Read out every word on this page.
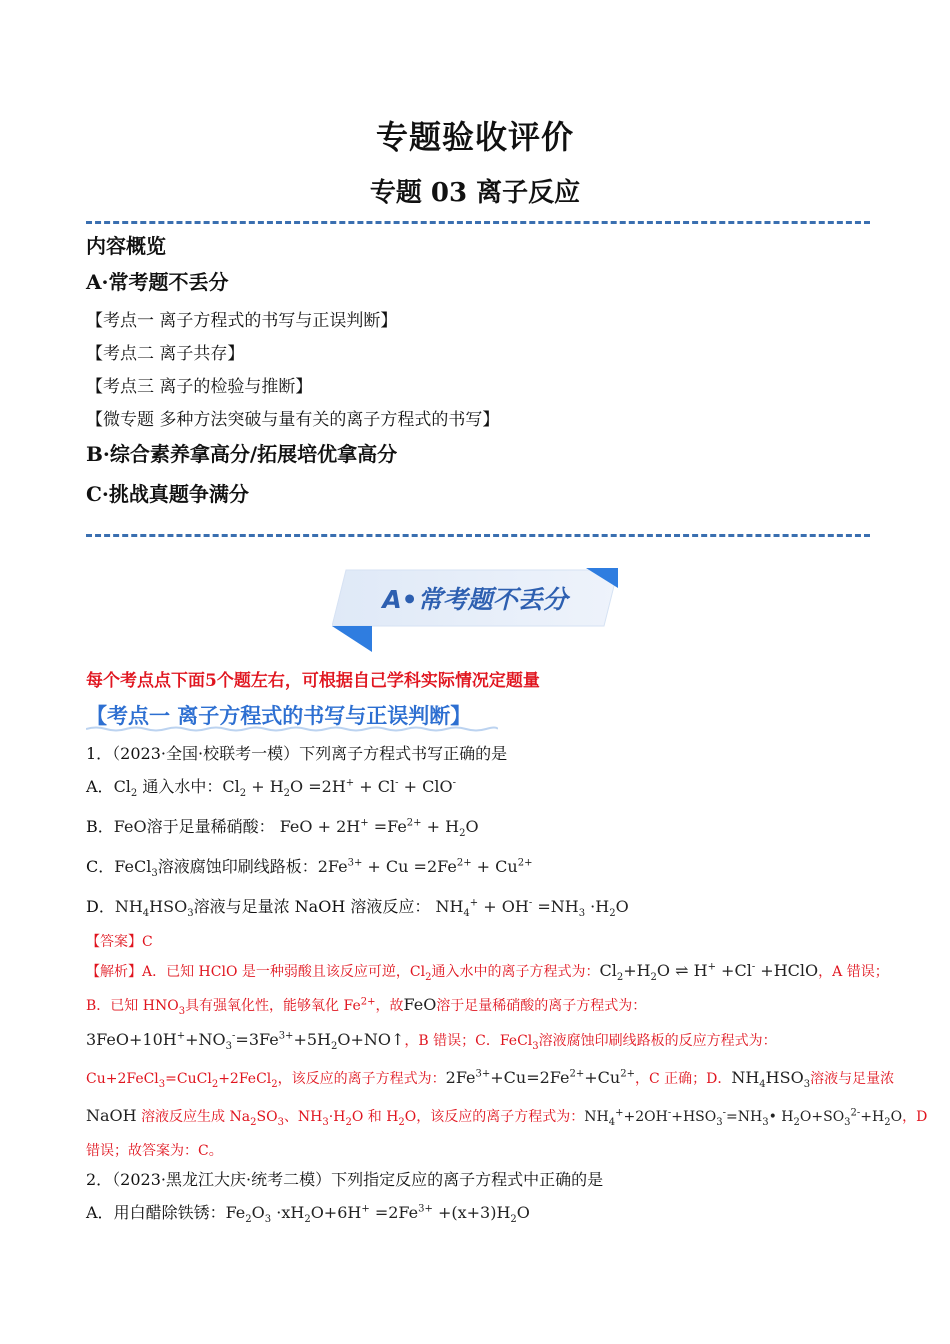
专题验收评价
专题 03 离子反应
内容概览
A·常考题不丢分
【考点一 离子方程式的书写与正误判断】
【考点二 离子共存】
【考点三 离子的检验与推断】
【微专题 多种方法突破与量有关的离子方程式的书写】
B·综合素养拿高分/拓展培优拿高分
C·挑战真题争满分
A•常考题不丢分
每个考点点下面5个题左右，可根据自己学科实际情况定题量
【考点一 离子方程式的书写与正误判断】
1．（2023·全国·校联考一模）下列离子方程式书写正确的是
A．$Cl_2$ 通入水中：$Cl_2 + H_2O =2H^+ + Cl^- + ClO^-$
B．FeO溶于足量稀硝酸： FeO + $2H^+ =Fe^{2+} + H_2O$
C．FeCl$_3$溶液腐蚀印刷线路板：$2Fe^{3+} + Cu =2Fe^{2+} + Cu^{2+}$
D．$NH_4HSO_3$溶液与足量浓 NaOH 溶液反应： $NH_4^+ + OH^- =NH_3 \cdot H_2O$
【答案】C
【解析】A．已知 HClO 是一种弱酸且该反应可逆，$Cl_2$通入水中的离子方程式为：$Cl_2+H_2O$ ⇌ H+ +Cl- +HClO，A 错误；
B．已知 $HNO_3$具有强氧化性，能够氧化 $Fe^{2+}$，故FeO溶于足量稀硝酸的离子方程式为：
$3FeO+10H^++NO_3^-=3Fe^{3+}+5H_2O+NO↑$，B 错误；C．FeCl$_3$溶液腐蚀印刷线路板的反应方程式为：
Cu+2FeCl$_3$=CuCl$_2$+2FeCl$_2$，该反应的离子方程式为：$2Fe^{3+}+Cu=2Fe^{2+}+Cu^{2+}$，C 正确；D．$NH_4HSO_3$溶液与足量浓
NaOH 溶液反应生成 $Na_2SO_3$、$NH_3\cdot H_2O$ 和 $H_2O$，该反应的离子方程式为：$NH_4^++2OH^-+HSO_3^-=NH_3•$ $H_2O+SO_3^{2-}+H_2O$，D
错误；故答案为：C。
2．（2023·黑龙江大庆·统考二模）下列指定反应的离子方程式中正确的是
A．用白醋除铁锈：$Fe_2O_3 \cdot xH_2O+6H^+ =2Fe^{3+} +(x+3)H_2O$
